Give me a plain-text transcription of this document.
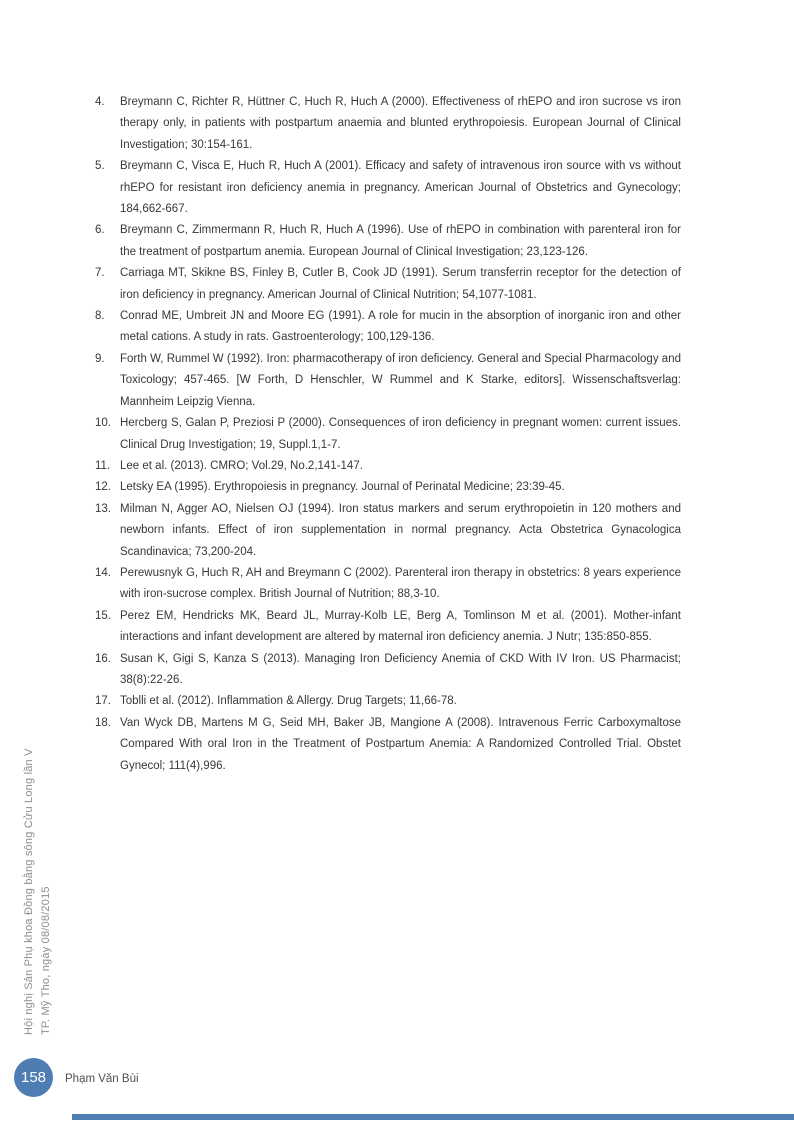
4. Breymann C, Richter R, Hüttner C, Huch R, Huch A (2000). Effectiveness of rhEPO and iron sucrose vs iron therapy only, in patients with postpartum anaemia and blunted erythropoiesis. European Journal of Clinical Investigation; 30:154-161.

5. Breymann C, Visca E, Huch R, Huch A (2001). Efficacy and safety of intravenous iron source with vs without rhEPO for resistant iron deficiency anemia in pregnancy. American Journal of Obstetrics and Gynecology; 184,662-667.

6. Breymann C, Zimmermann R, Huch R, Huch A (1996). Use of rhEPO in combination with parenteral iron for the treatment of postpartum anemia. European Journal of Clinical Investigation; 23,123-126.

7. Carriaga MT, Skikne BS, Finley B, Cutler B, Cook JD (1991). Serum transferrin receptor for the detection of iron deficiency in pregnancy. American Journal of Clinical Nutrition; 54,1077-1081.

8. Conrad ME, Umbreit JN and Moore EG (1991). A role for mucin in the absorption of inorganic iron and other metal cations. A study in rats. Gastroenterology; 100,129-136.

9. Forth W, Rummel W (1992). Iron: pharmacotherapy of iron deficiency. General and Special Pharmacology and Toxicology; 457-465. [W Forth, D Henschler, W Rummel and K Starke, editors]. Wissenschaftsverlag: Mannheim Leipzig Vienna.

10. Hercberg S, Galan P, Preziosi P (2000). Consequences of iron deficiency in pregnant women: current issues. Clinical Drug Investigation; 19, Suppl.1,1-7.

11. Lee et al. (2013). CMRO; Vol.29, No.2,141-147.

12. Letsky EA (1995). Erythropoiesis in pregnancy. Journal of Perinatal Medicine; 23:39-45.

13. Milman N, Agger AO, Nielsen OJ (1994). Iron status markers and serum erythropoietin in 120 mothers and newborn infants. Effect of iron supplementation in normal pregnancy. Acta Obstetrica Gynacologica Scandinavica; 73,200-204.

14. Perewusnyk G, Huch R, AH and Breymann C (2002). Parenteral iron therapy in obstetrics: 8 years experience with iron-sucrose complex. British Journal of Nutrition; 88,3-10.

15. Perez EM, Hendricks MK, Beard JL, Murray-Kolb LE, Berg A, Tomlinson M et al. (2001). Mother-infant interactions and infant development are altered by maternal iron deficiency anemia. J Nutr; 135:850-855.

16. Susan K, Gigi S, Kanza S (2013). Managing Iron Deficiency Anemia of CKD With IV Iron. US Pharmacist; 38(8):22-26.

17. Toblli et al. (2012). Inflammation & Allergy. Drug Targets; 11,66-78.

18. Van Wyck DB, Martens M G, Seid MH, Baker JB, Mangione A (2008). Intravenous Ferric Carboxymaltose Compared With oral Iron in the Treatment of Postpartum Anemia: A Randomized Controlled Trial. Obstet Gynecol; 111(4),996.

Hội nghị Sản Phụ khoa Đồng bằng sông Cửu Long lần V TP. Mỹ Tho, ngày 08/08/2015
158 Phạm Văn Bùi
